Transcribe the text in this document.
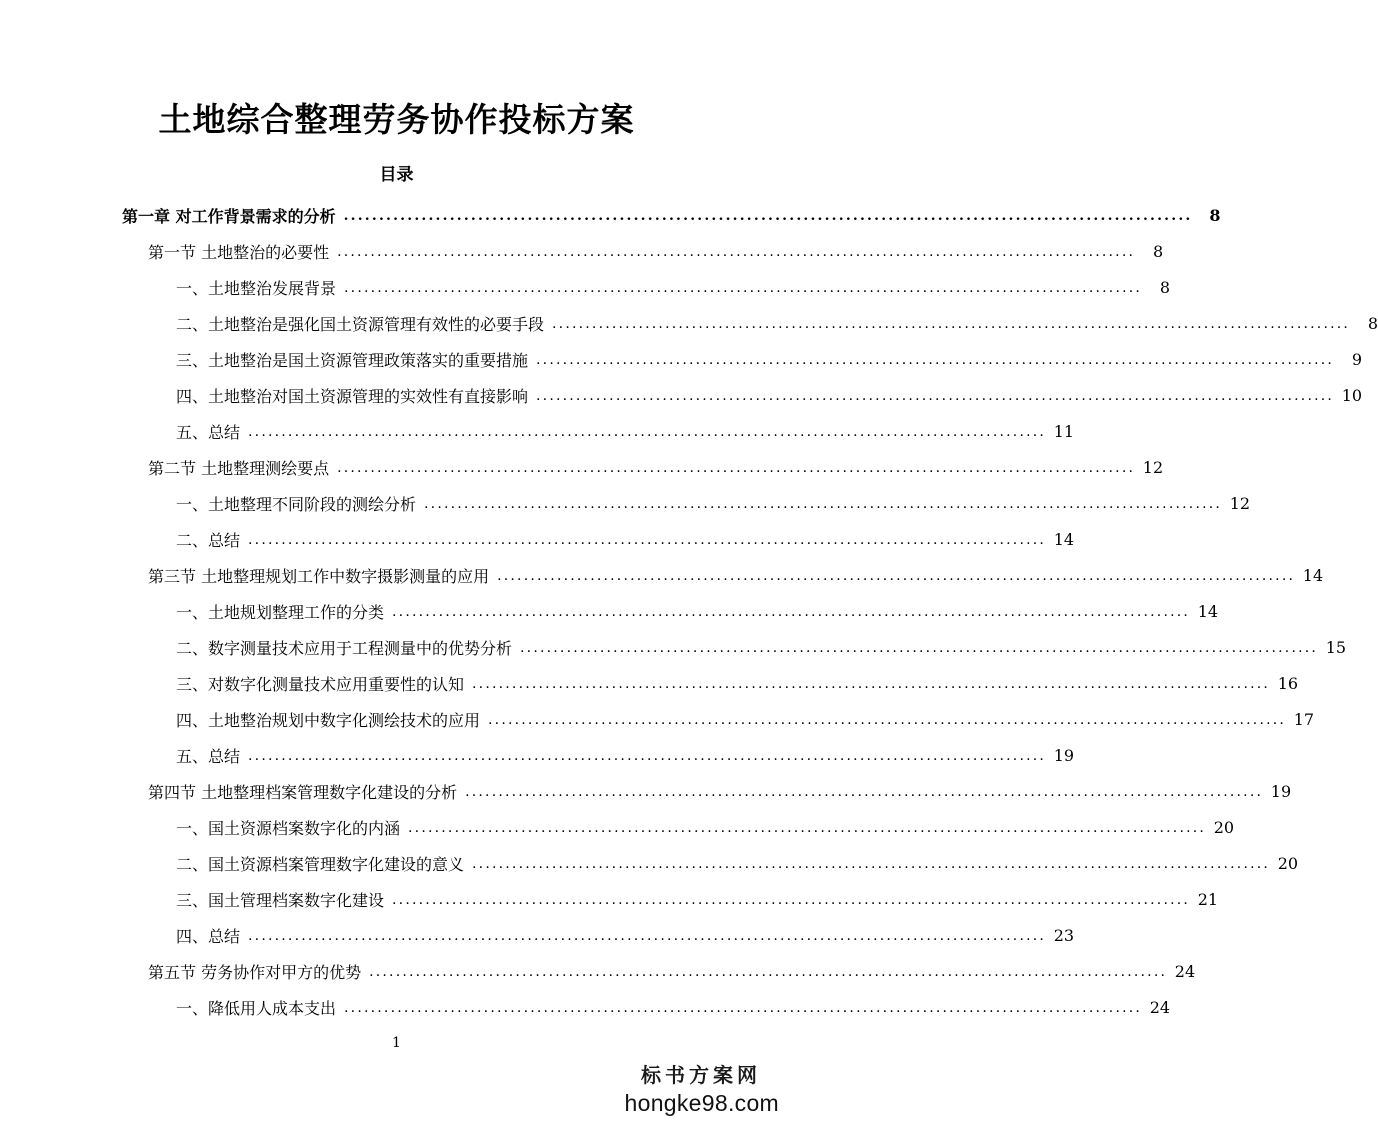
土地综合整理劳务协作投标方案
目录
第一章 对工作背景需求的分析 ........................................................................................................................	8
第一节 土地整治的必要性 ........................................................................................................................	8
一、土地整治发展背景 ........................................................................................................................	8
二、土地整治是强化国土资源管理有效性的必要手段 ........................................................................................................................	8
三、土地整治是国土资源管理政策落实的重要措施 ........................................................................................................................	9
四、土地整治对国土资源管理的实效性有直接影响 ........................................................................................................................ 10
五、总结 ........................................................................................................................ 11
第二节 土地整理测绘要点 ........................................................................................................................ 12
一、土地整理不同阶段的测绘分析 ........................................................................................................................ 12
二、总结 ........................................................................................................................ 14
第三节 土地整理规划工作中数字摄影测量的应用 ........................................................................................................................ 14
一、土地规划整理工作的分类 ........................................................................................................................ 14
二、数字测量技术应用于工程测量中的优势分析 ........................................................................................................................ 15
三、对数字化测量技术应用重要性的认知 ........................................................................................................................ 16
四、土地整治规划中数字化测绘技术的应用 ........................................................................................................................ 17
五、总结 ........................................................................................................................ 19
第四节 土地整理档案管理数字化建设的分析 ........................................................................................................................ 19
一、国土资源档案数字化的内涵 ........................................................................................................................ 20
二、国土资源档案管理数字化建设的意义 ........................................................................................................................ 20
三、国土管理档案数字化建设 ........................................................................................................................ 21
四、总结 ........................................................................................................................ 23
第五节 劳务协作对甲方的优势 ........................................................................................................................ 24
一、降低用人成本支出 ........................................................................................................................ 24
1
标书方案网
hongke98.com
